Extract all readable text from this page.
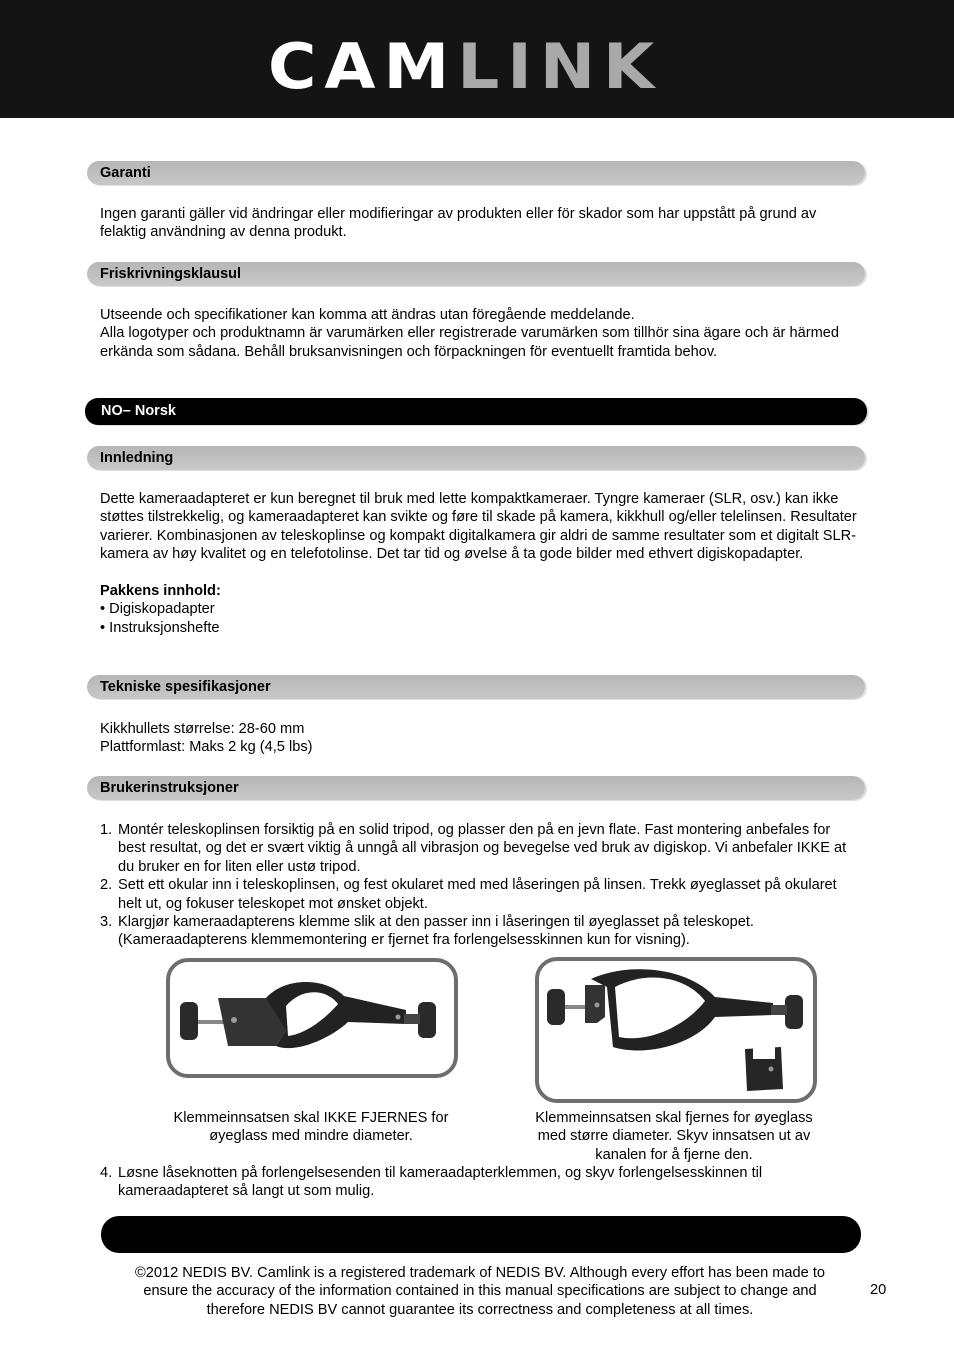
CAMLINK
Garanti

Ingen garanti gäller vid ändringar eller modifieringar av produkten eller för skador som har uppstått på grund av felaktig användning av denna produkt.

Friskrivningsklausul

Utseende och specifikationer kan komma att ändras utan föregående meddelande.

Alla logotyper och produktnamn är varumärken eller registrerade varumärken som tillhör sina ägare och är härmed erkända som sådana. Behåll bruksanvisningen och förpackningen för eventuellt framtida behov.

NO– Norsk
Innledning

Dette kameraadapteret er kun beregnet til bruk med lette kompaktkameraer. Tyngre kameraer (SLR, osv.) kan ikke støttes tilstrekkelig, og kameraadapteret kan svikte og føre til skade på kamera, kikkhull og/eller telelinsen. Resultater varierer. Kombinasjonen av teleskoplinse og kompakt digitalkamera gir aldri de samme resultater som et digitalt SLR-kamera av høy kvalitet og en telefotolinse. Det tar tid og øvelse å ta gode bilder med ethvert digiskopadapter.

Pakkens innhold:

• Digiskopadapter

• Instruksjonshefte

Tekniske spesifikasjoner

Kikkhullets størrelse: 28-60 mm

Plattformlast: Maks 2 kg (4,5 lbs)

Brukerinstruksjoner
1. Montér teleskoplinsen forsiktig på en solid tripod, og plasser den på en jevn flate. Fast montering anbefales for best resultat, og det er svært viktig å unngå all vibrasjon og bevegelse ved bruk av digiskop. Vi anbefaler IKKE at du bruker en for liten eller ustø tripod.
2. Sett ett okular inn i teleskoplinsen, og fest okularet med med låseringen på linsen. Trekk øyeglasset på okularet helt ut, og fokuser teleskopet mot ønsket objekt.
3. Klargjør kameraadapterens klemme slik at den passer inn i låseringen til øyeglasset på teleskopet. (Kameraadapterens klemmemontering er fjernet fra forlengelsesskinnen kun for visning).
Klemmeinnsatsen skal IKKE FJERNES for øyeglass med mindre diameter.
Klemmeinnsatsen skal fjernes for øyeglass med større diameter. Skyv innsatsen ut av kanalen for å fjerne den.
4. Løsne låseknotten på forlengelsesenden til kameraadapterklemmen, og skyv forlengelsesskinnen til kameraadapteret så langt ut som mulig.
©2012 NEDIS BV. Camlink is a registered trademark of NEDIS BV. Although every effort has been made to ensure the accuracy of the information contained in this manual specifications are subject to change and therefore NEDIS BV cannot guarantee its correctness and completeness at all times.
20
